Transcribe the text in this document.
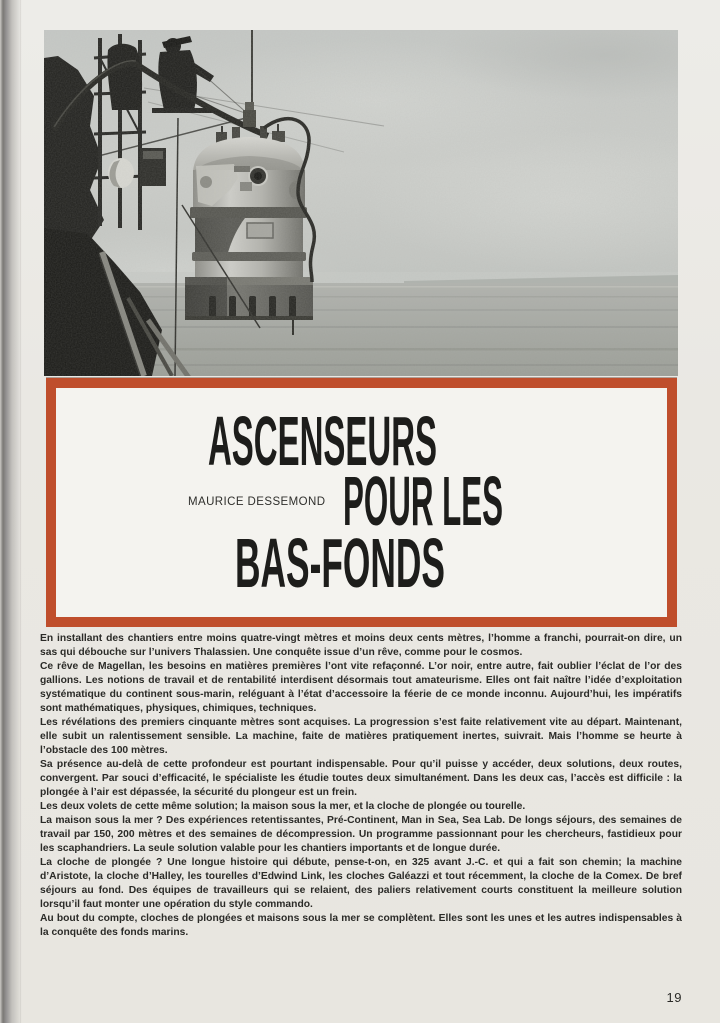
MAURICE DESSEMOND
ASCENSEURS
POUR LES
BAS-FONDS

En installant des chantiers entre moins quatre-vingt mètres et moins deux cents mètres, l’homme a franchi, pourrait-on dire, un sas qui débouche sur l’univers Thalassien. Une conquête issue d’un rêve, comme pour le cosmos.

Ce rêve de Magellan, les besoins en matières premières l’ont vite refaçonné. L’or noir, entre autre, fait oublier l’éclat de l’or des gallions. Les notions de travail et de rentabilité interdisent désormais tout amateurisme. Elles ont fait naître l’idée d’exploitation systématique du continent sous-marin, reléguant à l’état d’accessoire la féerie de ce monde inconnu. Aujourd’hui, les impératifs sont mathématiques, physiques, chimiques, techniques.

Les révélations des premiers cinquante mètres sont acquises. La progression s’est faite relativement vite au départ. Maintenant, elle subit un ralentissement sensible. La machine, faite de matières pratiquement inertes, suivrait. Mais l’homme se heurte à l’obstacle des 100 mètres.

Sa présence au-delà de cette profondeur est pourtant indispensable. Pour qu’il puisse y accéder, deux solutions, deux routes, convergent. Par souci d’efficacité, le spécialiste les étudie toutes deux simultanément. Dans les deux cas, l’accès est difficile : la plongée à l’air est dépassée, la sécurité du plongeur est un frein.

Les deux volets de cette même solution; la maison sous la mer, et la cloche de plongée ou tourelle.

La maison sous la mer ? Des expériences retentissantes, Pré-Continent, Man in Sea, Sea Lab. De longs séjours, des semaines de travail par 150, 200 mètres et des semaines de décompression. Un programme passionnant pour les chercheurs, fastidieux pour les scaphandriers. La seule solution valable pour les chantiers importants et de longue durée.

La cloche de plongée ? Une longue histoire qui débute, pense-t-on, en 325 avant J.-C. et qui a fait son chemin; la machine d’Aristote, la cloche d’Halley, les tourelles d’Edwind Link, les cloches Galéazzi et tout récemment, la cloche de la Comex. De bref séjours au fond. Des équipes de travailleurs qui se relaient, des paliers relativement courts constituent la meilleure solution lorsqu’il faut monter une opération du style commando.

Au bout du compte, cloches de plongées et maisons sous la mer se complètent. Elles sont les unes et les autres indispensables à la conquête des fonds marins.

19
